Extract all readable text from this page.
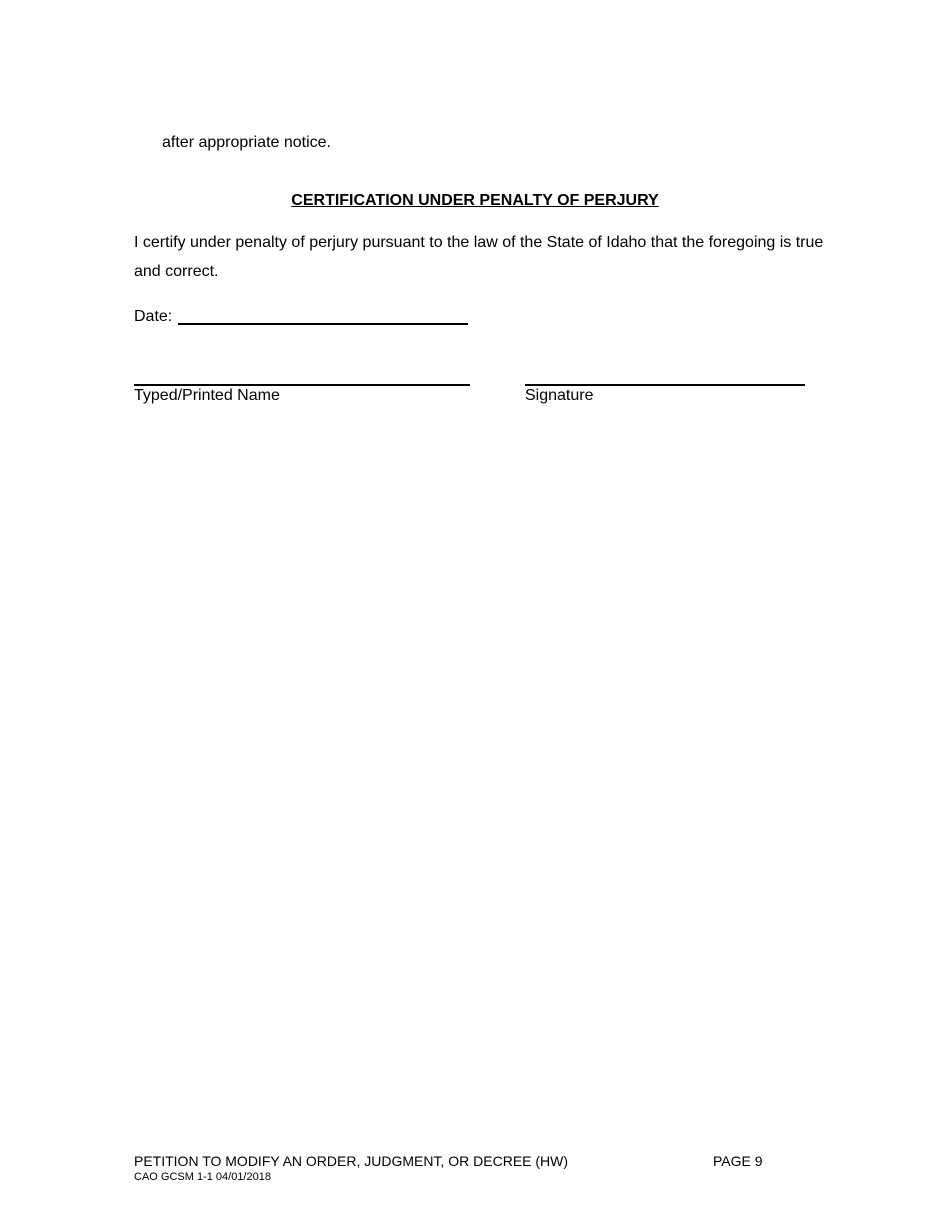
after appropriate notice.
CERTIFICATION UNDER PENALTY OF PERJURY
I certify under penalty of perjury pursuant to the law of the State of Idaho that the foregoing is true and correct.
Date:
Typed/Printed Name	Signature
PETITION TO MODIFY AN ORDER, JUDGMENT, OR DECREE (HW)	PAGE 9
CAO GCSM 1-1 04/01/2018
